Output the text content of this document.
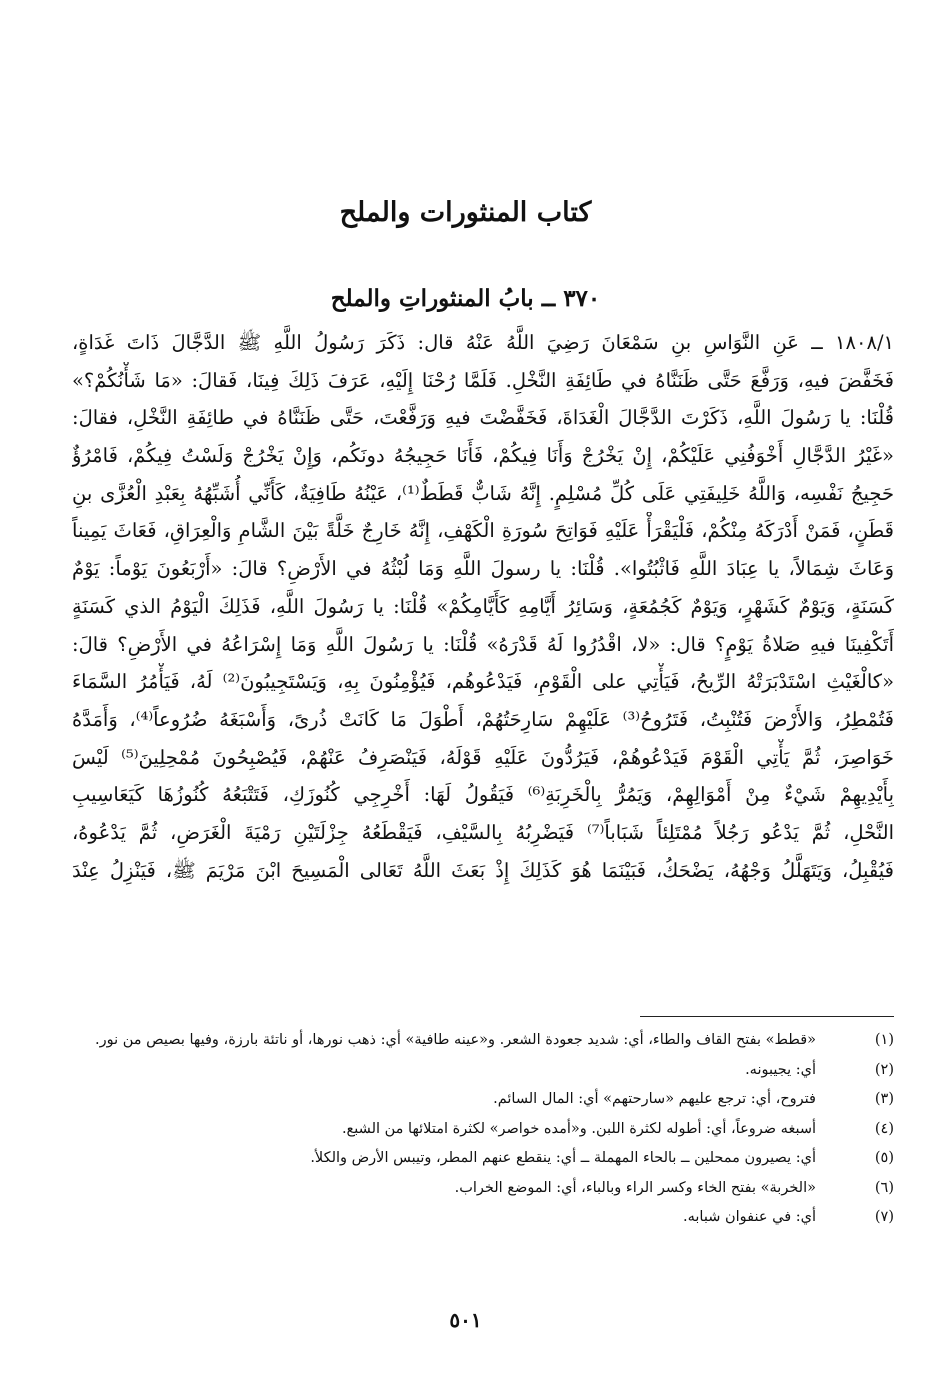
كتاب المنثورات والملح
٣٧٠ ــ بابُ المنثوراتِ والملح
١٨٠٨/١ ــ عَنِ النَّوَاسِ بنِ سَمْعَانَ رَضِيَ اللَّهُ عَنْهُ قال: ذَكَرَ رَسُولُ اللَّهِ ﷺ الدَّجَّالَ ذَاتَ غَدَاةٍ،
فَخَفَّضَ فيهِ، وَرَفَّعَ حَتَّى ظَنَنَّاهُ في طَائِفَةِ النَّخْلِ. فَلَمَّا رُحْنَا إِلَيْهِ، عَرَفَ ذَلِكَ فِينَا، فَقالَ: «مَا شَأْنُكُمْ؟»
قُلْنَا: يا رَسُولَ اللَّهِ، ذَكَرْتَ الدَّجَّالَ الْغَدَاةَ، فَخَفَّضْتَ فيهِ وَرَفَّعْتَ، حَتَّى ظَنَنَّاهُ في طائِفَةِ النَّخْلِ، فقالَ:
«غَيْرُ الدَّجَّالِ أَخْوَفُنِي عَلَيْكُمْ، إِنْ يَخْرُجْ وَأَنَا فِيكُمْ، فَأَنَا حَجِيجُهُ دونَكُم، وَإِنْ يَخْرُجْ وَلَسْتُ فِيكُمْ، فَامْرُؤٌ
حَجِيجُ نَفْسِه، وَاللَّهُ خَلِيفَتِي عَلَى كُلِّ مُسْلِمٍ. إِنَّهُ شَابٌّ قَطَطٌ⁽¹⁾، عَيْنُهُ طَافِيَةٌ، كَأَنِّي أُشَبِّهُهُ بِعَبْدِ الْعُزَّى بنِ
قَطَنٍ، فَمَنْ أَدْرَكَهُ مِنْكُمْ، فَلْيَقْرَأْ عَلَيْهِ فَوَاتِحَ سُورَةِ الْكَهْفِ، إِنَّهُ خَارِجٌ خَلَّةً بَيْنَ الشَّامِ وَالْعِرَاقِ، فَعَاثَ يَمِيناً
وَعَاثَ شِمَالاً، يا عِبَادَ اللَّهِ فَاثْبُتُوا». قُلْنَا: يا رسولَ اللَّهِ وَمَا لُبْثُهُ في الأَرْضِ؟ قالَ: «أَرْبَعُونَ يَوْماً: يَوْمٌ
كَسَنَةٍ، وَيَوْمٌ كَشَهْرٍ، وَيَوْمٌ كَجُمُعَةٍ، وَسَائِرُ أَيَّامِهِ كَأَيَّامِكُمْ» قُلْنَا: يا رَسُولَ اللَّهِ، فَذَلِكَ الْيَوْمُ الذي كَسَنَةٍ
أَتَكْفِينَا فيهِ صَلاةُ يَوْمٍ؟ قال: «لا، اقْدُرُوا لَهُ قَدْرَهُ» قُلْنَا: يا رَسُولَ اللَّهِ وَمَا إِسْرَاعُهُ في الأَرْضِ؟ قالَ:
«كالْغَيْثِ اسْتَدْبَرَتْهُ الرِّيحُ، فَيَأْتِي على الْقَوْمِ، فَيَدْعُوهُم، فَيُؤْمِنُونَ بِهِ، وَيَسْتَجِيبُونَ⁽²⁾ لَهُ، فَيَأْمُرُ السَّمَاءَ
فَتُمْطِرُ، وَالأَرْضَ فَتُنْبِتُ، فَتَرُوحُ⁽³⁾ عَلَيْهِمْ سَارِحَتُهُمْ، أَطْوَلَ مَا كَانَتْ ذُرىً، وَأَسْبَغَهُ ضُرُوعاً⁽⁴⁾، وَأَمَدَّهُ
خَوَاصِرَ، ثُمَّ يَأْتِي الْقَوْمَ فَيَدْعُوهُمْ، فَيَرُدُّونَ عَلَيْهِ قَوْلَهُ، فَيَنْصَرِفُ عَنْهُمْ، فَيُصْبِحُونَ مُمْحِلِينَ⁽⁵⁾ لَيْسَ
بِأَيْدِيهِمْ شَيْءٌ مِنْ أَمْوَالِهِمْ، وَيَمُرُّ بِالْخَرِبَةِ⁽⁶⁾ فَيَقُولُ لَهَا: أَخْرِجِي كُنُوزَكِ، فَتَتْبَعُهُ كُنُوزُهَا كَيَعَاسِيبِ
النَّحْلِ، ثُمَّ يَدْعُو رَجُلاً مُمْتَلِئاً شَبَاباً⁽⁷⁾ فَيَضْرِبُهُ بِالسَّيْفِ، فَيَقْطَعُهُ جِزْلَتَيْنِ رَمْيَةَ الْغَرَضِ، ثُمَّ يَدْعُوهُ،
فَيُقْبِلُ، وَيَتَهَلَّلُ وَجْهُهُ، يَضْحَكُ، فَبَيْنَمَا هُوَ كَذَلِكَ إِذْ بَعَثَ اللَّهُ تَعَالى الْمَسِيحَ ابْنَ مَرْيَمَ ﷺ، فَيَنْزِلُ عِنْدَ
(١)
«قطط» بفتح القاف والطاء، أي: شديد جعودة الشعر. و«عينه طافية» أي: ذهب نورها، أو ناتئة بارزة، وفيها بصيص من نور.
(٢)
أي: يجيبونه.
(٣)
فتروح، أي: ترجع عليهم «سارحتهم» أي: المال السائم.
(٤)
أسبغه ضروعاً، أي: أطوله لكثرة اللبن. و«أمده خواصر» لكثرة امتلائها من الشبع.
(٥)
أي: يصيرون ممحلين ــ بالحاء المهملة ــ أي: ينقطع عنهم المطر، وتيبس الأرض والكلأ.
(٦)
«الخربة» بفتح الخاء وكسر الراء وبالباء، أي: الموضع الخراب.
(٧)
أي: في عنفوان شبابه.
٥٠١
